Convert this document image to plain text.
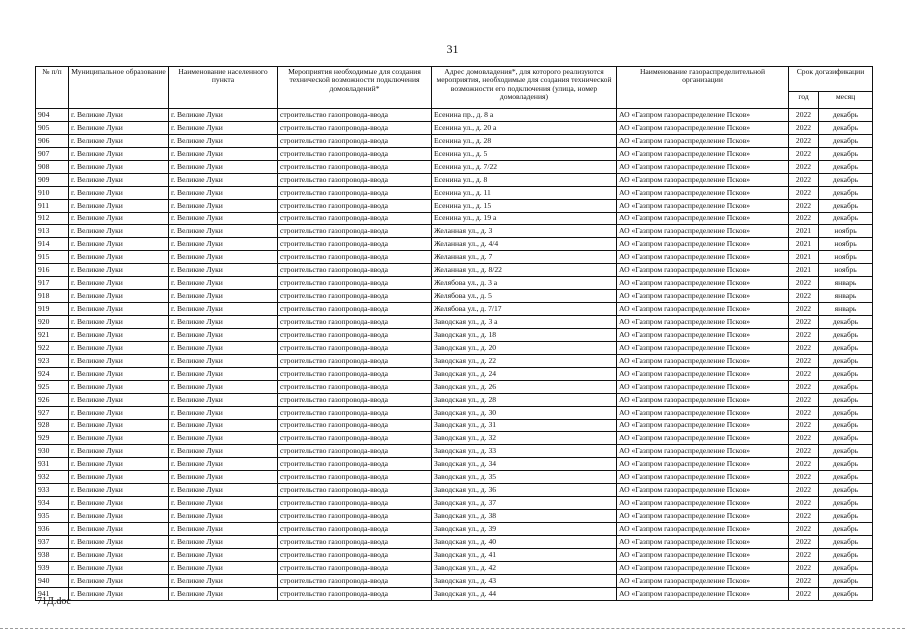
31
№ п/п	Муниципальное образование	Наименование населенного пункта	Мероприятия необходимые для создания технической возможности подключения домовладений*	Адрес домовладения*, для которого реализуются мероприятия, необходимые для создания технической возможности его подключения (улица, номер домовладения)	Наименование газораспределительной организации	Срок догазификации	
						год	месяц
904	г. Великие Луки	г. Великие Луки	строительство газопровода-ввода	Есенина пр., д. 8 а	АО «Газпром газораспределение Псков»	2022	декабрь
905	г. Великие Луки	г. Великие Луки	строительство газопровода-ввода	Есенина ул., д. 20 а	АО «Газпром газораспределение Псков»	2022	декабрь
906	г. Великие Луки	г. Великие Луки	строительство газопровода-ввода	Есенина ул., д. 28	АО «Газпром газораспределение Псков»	2022	декабрь
907	г. Великие Луки	г. Великие Луки	строительство газопровода-ввода	Есенина ул., д. 5	АО «Газпром газораспределение Псков»	2022	декабрь
908	г. Великие Луки	г. Великие Луки	строительство газопровода-ввода	Есенина ул., д. 7/22	АО «Газпром газораспределение Псков»	2022	декабрь
909	г. Великие Луки	г. Великие Луки	строительство газопровода-ввода	Есенина ул., д. 8	АО «Газпром газораспределение Псков»	2022	декабрь
910	г. Великие Луки	г. Великие Луки	строительство газопровода-ввода	Есенина ул., д. 11	АО «Газпром газораспределение Псков»	2022	декабрь
911	г. Великие Луки	г. Великие Луки	строительство газопровода-ввода	Есенина ул., д. 15	АО «Газпром газораспределение Псков»	2022	декабрь
912	г. Великие Луки	г. Великие Луки	строительство газопровода-ввода	Есенина ул., д. 19 а	АО «Газпром газораспределение Псков»	2022	декабрь
913	г. Великие Луки	г. Великие Луки	строительство газопровода-ввода	Желанная ул., д. 3	АО «Газпром газораспределение Псков»	2021	ноябрь
914	г. Великие Луки	г. Великие Луки	строительство газопровода-ввода	Желанная ул., д. 4/4	АО «Газпром газораспределение Псков»	2021	ноябрь
915	г. Великие Луки	г. Великие Луки	строительство газопровода-ввода	Желанная ул., д. 7	АО «Газпром газораспределение Псков»	2021	ноябрь
916	г. Великие Луки	г. Великие Луки	строительство газопровода-ввода	Желанная ул., д. 8/22	АО «Газпром газораспределение Псков»	2021	ноябрь
917	г. Великие Луки	г. Великие Луки	строительство газопровода-ввода	Желябова ул., д. 3 а	АО «Газпром газораспределение Псков»	2022	январь
918	г. Великие Луки	г. Великие Луки	строительство газопровода-ввода	Желябова ул., д. 5	АО «Газпром газораспределение Псков»	2022	январь
919	г. Великие Луки	г. Великие Луки	строительство газопровода-ввода	Желябова ул., д. 7/17	АО «Газпром газораспределение Псков»	2022	январь
920	г. Великие Луки	г. Великие Луки	строительство газопровода-ввода	Заводская ул., д. 3 а	АО «Газпром газораспределение Псков»	2022	декабрь
921	г. Великие Луки	г. Великие Луки	строительство газопровода-ввода	Заводская ул., д. 18	АО «Газпром газораспределение Псков»	2022	декабрь
922	г. Великие Луки	г. Великие Луки	строительство газопровода-ввода	Заводская ул., д. 20	АО «Газпром газораспределение Псков»	2022	декабрь
923	г. Великие Луки	г. Великие Луки	строительство газопровода-ввода	Заводская ул., д. 22	АО «Газпром газораспределение Псков»	2022	декабрь
924	г. Великие Луки	г. Великие Луки	строительство газопровода-ввода	Заводская ул., д. 24	АО «Газпром газораспределение Псков»	2022	декабрь
925	г. Великие Луки	г. Великие Луки	строительство газопровода-ввода	Заводская ул., д. 26	АО «Газпром газораспределение Псков»	2022	декабрь
926	г. Великие Луки	г. Великие Луки	строительство газопровода-ввода	Заводская ул., д. 28	АО «Газпром газораспределение Псков»	2022	декабрь
927	г. Великие Луки	г. Великие Луки	строительство газопровода-ввода	Заводская ул., д. 30	АО «Газпром газораспределение Псков»	2022	декабрь
928	г. Великие Луки	г. Великие Луки	строительство газопровода-ввода	Заводская ул., д. 31	АО «Газпром газораспределение Псков»	2022	декабрь
929	г. Великие Луки	г. Великие Луки	строительство газопровода-ввода	Заводская ул., д. 32	АО «Газпром газораспределение Псков»	2022	декабрь
930	г. Великие Луки	г. Великие Луки	строительство газопровода-ввода	Заводская ул., д. 33	АО «Газпром газораспределение Псков»	2022	декабрь
931	г. Великие Луки	г. Великие Луки	строительство газопровода-ввода	Заводская ул., д. 34	АО «Газпром газораспределение Псков»	2022	декабрь
932	г. Великие Луки	г. Великие Луки	строительство газопровода-ввода	Заводская ул., д. 35	АО «Газпром газораспределение Псков»	2022	декабрь
933	г. Великие Луки	г. Великие Луки	строительство газопровода-ввода	Заводская ул., д. 36	АО «Газпром газораспределение Псков»	2022	декабрь
934	г. Великие Луки	г. Великие Луки	строительство газопровода-ввода	Заводская ул., д. 37	АО «Газпром газораспределение Псков»	2022	декабрь
935	г. Великие Луки	г. Великие Луки	строительство газопровода-ввода	Заводская ул., д. 38	АО «Газпром газораспределение Псков»	2022	декабрь
936	г. Великие Луки	г. Великие Луки	строительство газопровода-ввода	Заводская ул., д. 39	АО «Газпром газораспределение Псков»	2022	декабрь
937	г. Великие Луки	г. Великие Луки	строительство газопровода-ввода	Заводская ул., д. 40	АО «Газпром газораспределение Псков»	2022	декабрь
938	г. Великие Луки	г. Великие Луки	строительство газопровода-ввода	Заводская ул., д. 41	АО «Газпром газораспределение Псков»	2022	декабрь
939	г. Великие Луки	г. Великие Луки	строительство газопровода-ввода	Заводская ул., д. 42	АО «Газпром газораспределение Псков»	2022	декабрь
940	г. Великие Луки	г. Великие Луки	строительство газопровода-ввода	Заводская ул., д. 43	АО «Газпром газораспределение Псков»	2022	декабрь
941	г. Великие Луки	г. Великие Луки	строительство газопровода-ввода	Заводская ул., д. 44	АО «Газпром газораспределение Псков»	2022	декабрь
71Д.doc
